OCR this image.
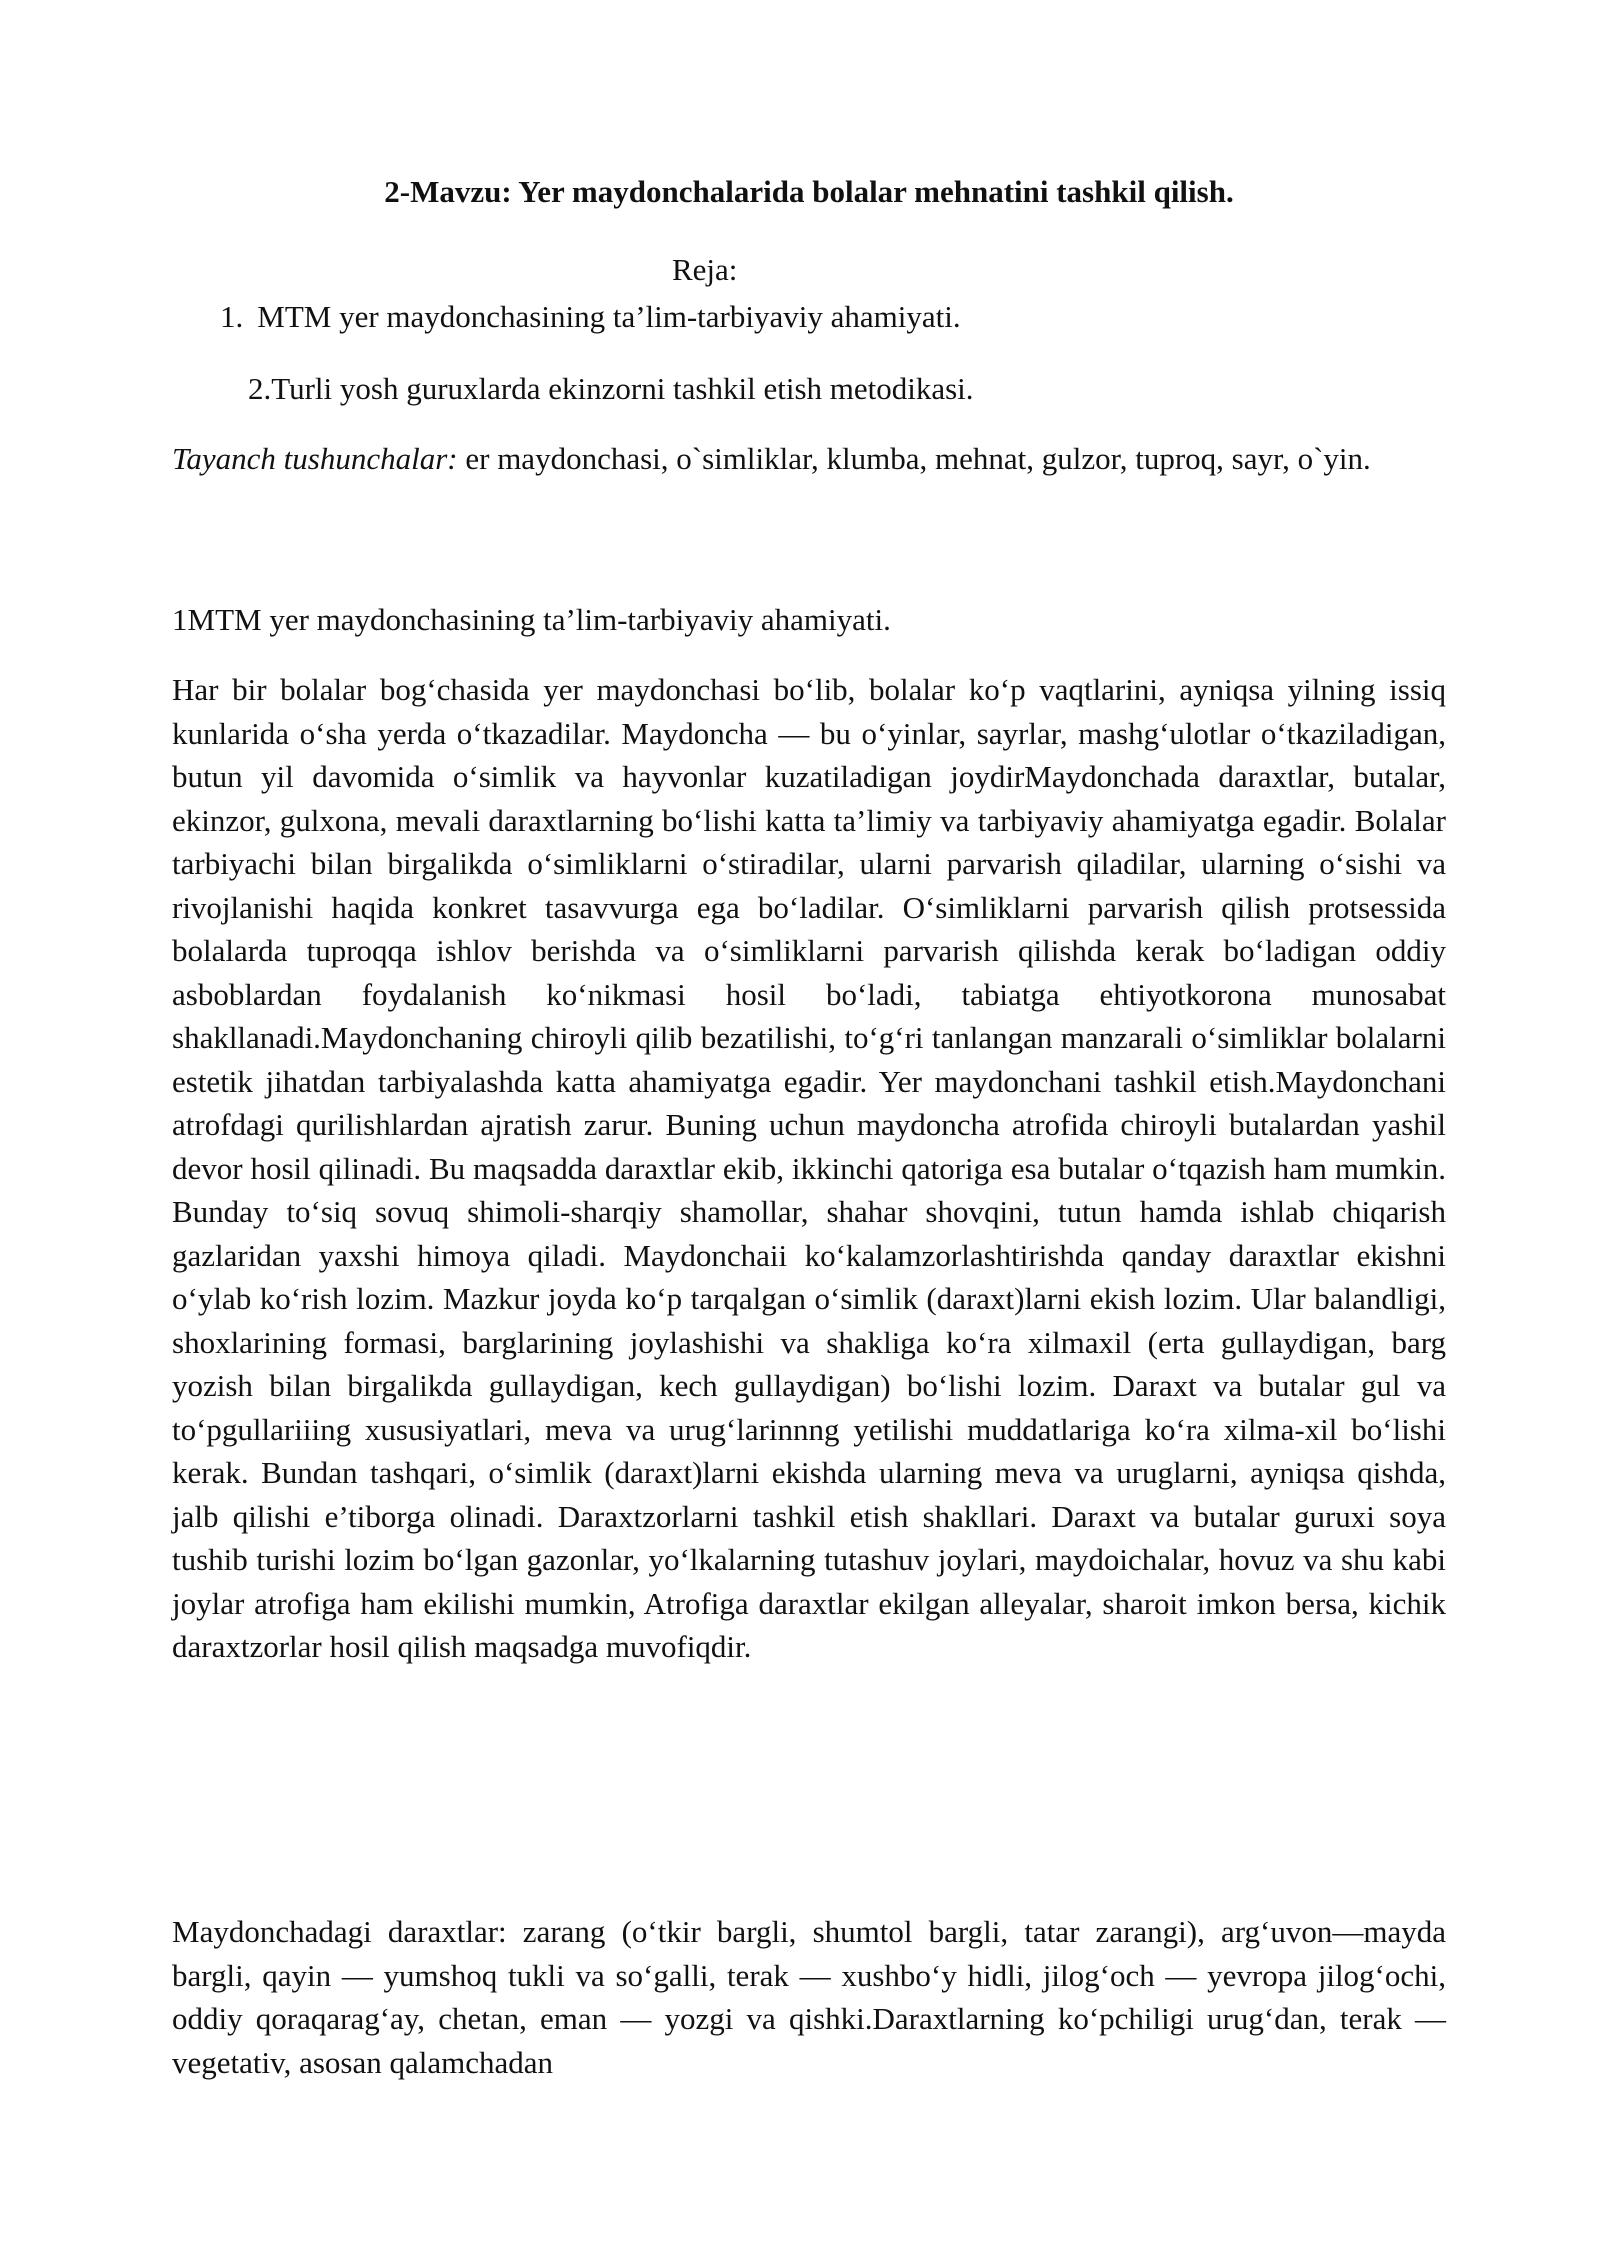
2-Mavzu: Yer maydonchalarida bolalar mehnatini tashkil qilish.

Reja:

1. MTM yer maydonchasining ta’lim-tarbiyaviy ahamiyati.

2.Turli yosh guruxlarda ekinzorni tashkil etish metodikasi.

Tayanch tushunchalar: er maydonchasi, o`simliklar, klumba, mehnat, gulzor, tuproq, sayr, o`yin.

1MTM yer maydonchasining ta’lim-tarbiyaviy ahamiyati.

Har bir bolalar bog‘chasida yer maydonchasi bo‘lib, bolalar ko‘p vaqtlarini, ayniqsa yilning issiq kunlarida o‘sha yerda o‘tkazadilar. Maydoncha — bu o‘yinlar, sayrlar, mashg‘ulotlar o‘tkaziladigan, butun yil davomida o‘simlik va hayvonlar kuzatiladigan joydirMaydonchada daraxtlar, butalar, ekinzor, gulxona, mevali daraxtlarning bo‘lishi katta ta’limiy va tarbiyaviy ahamiyatga egadir. Bolalar tarbiyachi bilan birgalikda o‘simliklarni o‘stiradilar, ularni parvarish qiladilar, ularning o‘sishi va rivojlanishi haqida konkret tasavvurga ega bo‘ladilar. O‘simliklarni parvarish qilish protsessida bolalarda tuproqqa ishlov berishda va o‘simliklarni parvarish qilishda kerak bo‘ladigan oddiy asboblardan foydalanish ko‘nikmasi hosil bo‘ladi, tabiatga ehtiyotkorona munosabat shakllanadi.Maydonchaning chiroyli qilib bezatilishi, to‘g‘ri tanlangan manzarali o‘simliklar bolalarni estetik jihatdan tarbiyalashda katta ahamiyatga egadir. Yer maydonchani tashkil etish.Maydonchani atrofdagi qurilishlardan ajratish zarur. Buning uchun maydoncha atrofida chiroyli butalardan yashil devor hosil qilinadi. Bu maqsadda daraxtlar ekib, ikkinchi qatoriga esa butalar o‘tqazish ham mumkin. Bunday to‘siq sovuq shimoli-sharqiy shamollar, shahar shovqini, tutun hamda ishlab chiqarish gazlaridan yaxshi himoya qiladi. Maydonchaii ko‘kalamzorlashtirishda qanday daraxtlar ekishni o‘ylab ko‘rish lozim. Mazkur joyda ko‘p tarqalgan o‘simlik (daraxt)larni ekish lozim. Ular balandligi, shoxlarining formasi, barglarining joylashishi va shakliga ko‘ra xilmaxil (erta gullaydigan, barg yozish bilan birgalikda gullaydigan, kech gullaydigan) bo‘lishi lozim. Daraxt va butalar gul va to‘pgullariiing xususiyatlari, meva va urug‘larinnng yetilishi muddatlariga ko‘ra xilma-xil bo‘lishi kerak. Bundan tashqari, o‘simlik (daraxt)larni ekishda ularning meva va uruglarni, ayniqsa qishda, jalb qilishi e’tiborga olinadi. Daraxtzorlarni tashkil etish shakllari. Daraxt va butalar guruxi soya tushib turishi lozim bo‘lgan gazonlar, yo‘lkalarning tutashuv joylari, maydoichalar, hovuz va shu kabi joylar atrofiga ham ekilishi mumkin, Atrofiga daraxtlar ekilgan alleyalar, sharoit imkon bersa, kichik daraxtzorlar hosil qilish maqsadga muvofiqdir.

Maydonchadagi daraxtlar: zarang (o‘tkir bargli, shumtol bargli, tatar zarangi), arg‘uvon—mayda bargli, qayin — yumshoq tukli va so‘galli, terak — xushbo‘y hidli, jilog‘och — yevropa jilog‘ochi, oddiy qoraqarag‘ay, chetan, eman — yozgi va qishki.Daraxtlarning ko‘pchiligi urug‘dan, terak — vegetativ, asosan qalamchadan
